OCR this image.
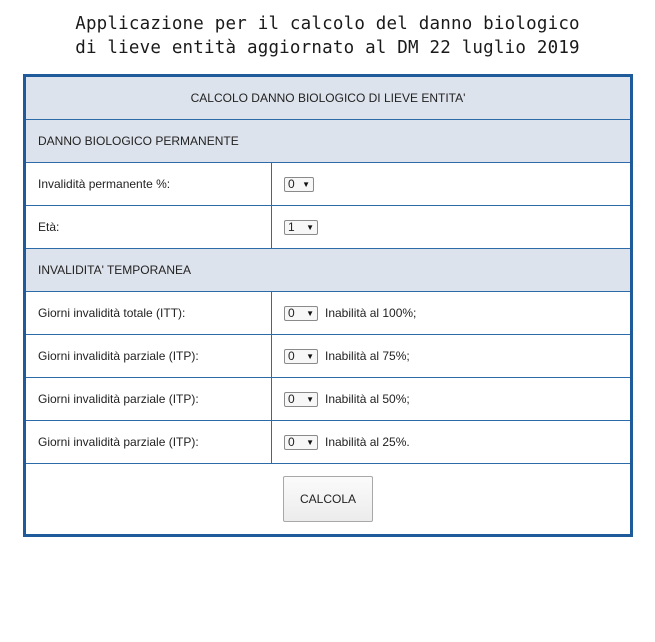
Applicazione per il calcolo del danno biologico
di lieve entità aggiornato al DM 22 luglio 2019
CALCOLO DANNO BIOLOGICO DI LIEVE ENTITA'
DANNO BIOLOGICO PERMANENTE
Invalidità permanente %:	0 ▼
Età:	1 ▼
INVALIDITA' TEMPORANEA
Giorni invalidità totale (ITT):	0 ▼ Inabilità al 100%;
Giorni invalidità parziale (ITP):	0 ▼ Inabilità al 75%;
Giorni invalidità parziale (ITP):	0 ▼ Inabilità al 50%;
Giorni invalidità parziale (ITP):	0 ▼ Inabilità al 25%.
CALCOLA
